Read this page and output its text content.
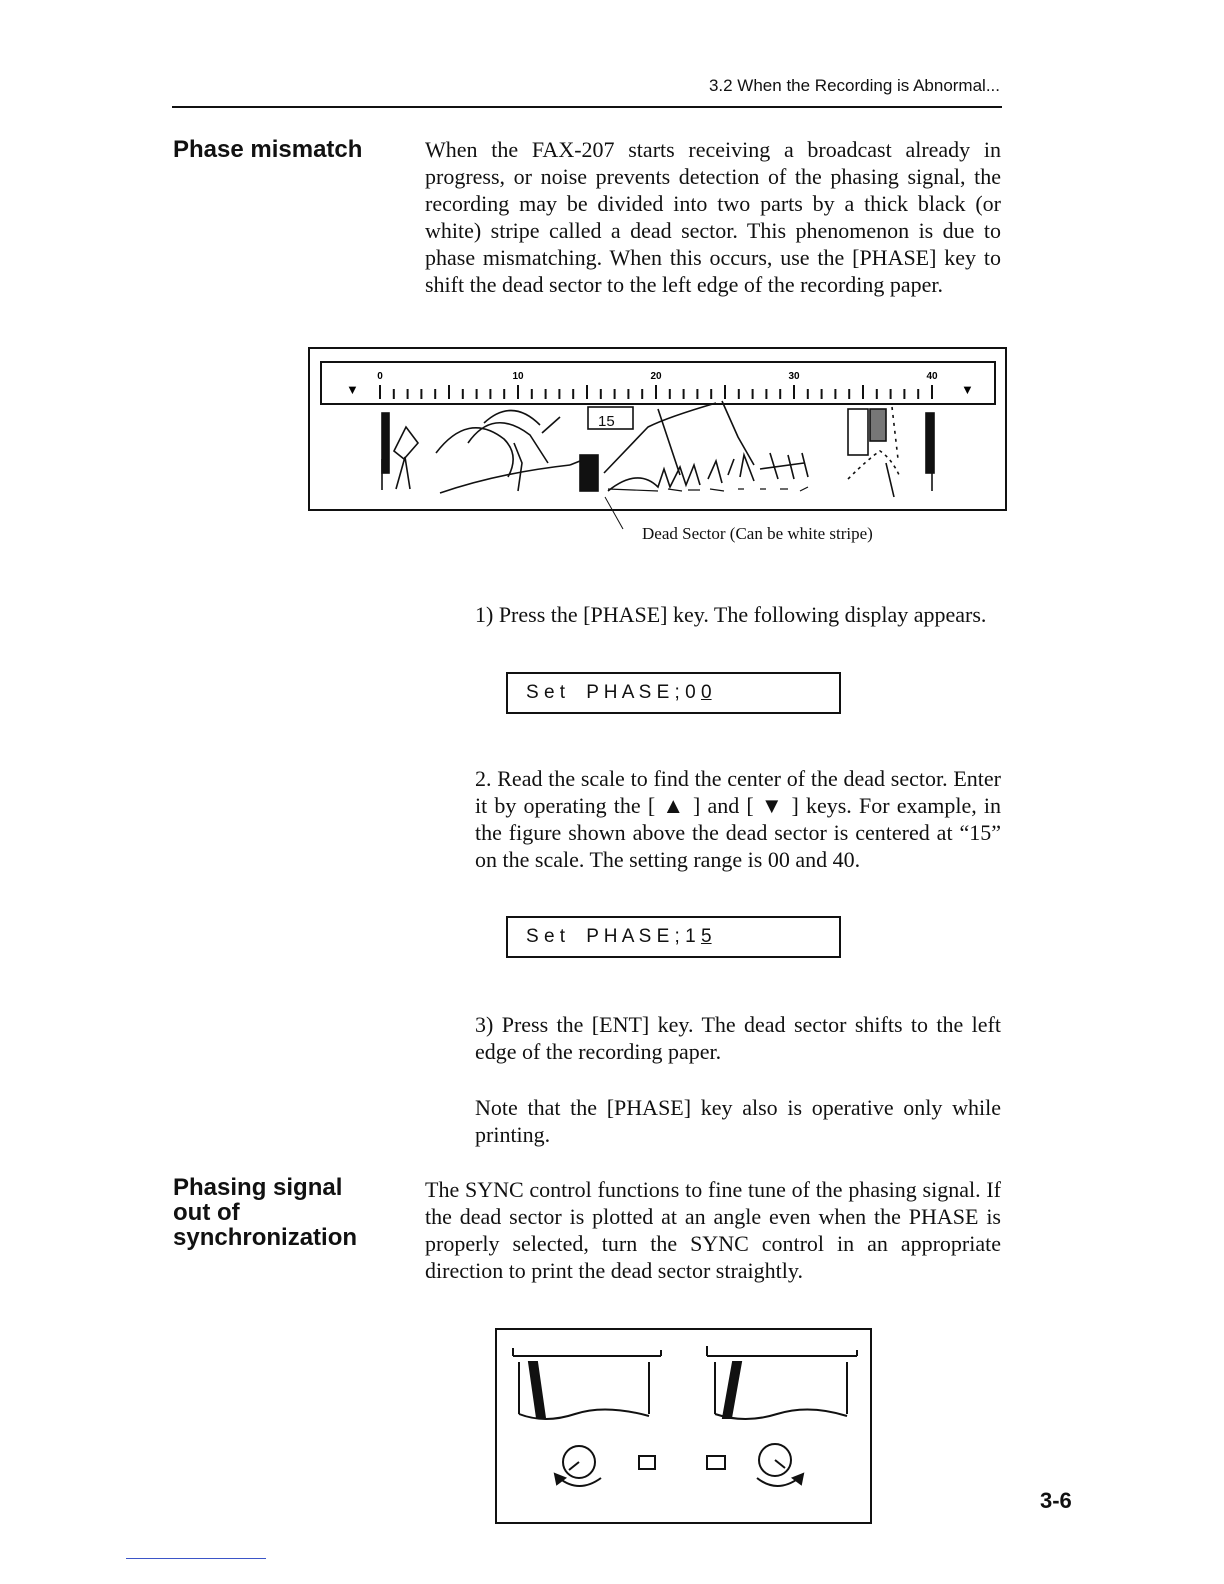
3.2 When the Recording is Abnormal...
Phase mismatch	When the FAX-207 starts receiving a broadcast already in progress, or noise prevents detection of the phasing signal, the recording may be divided into two parts by a thick black (or white) stripe called a dead sector. This phenomenon is due to phase mismatching. When this occurs, use the [PHASE] key to shift the dead sector to the left edge of the recording paper.
▼	▼
0	10	20	30	40
15
Dead Sector (Can be white stripe)
1) Press the [PHASE] key. The following display appears.
S e t    P H A S E ; 0 0
2. Read the scale to find the center of the dead sector. Enter it by operating the [ ▲ ] and [ ▼ ] keys. For example, in the figure shown above the dead sector is centered at “15” on the scale. The setting range is 00 and 40.
S e t    P H A S E ; 1 5
3) Press the [ENT] key. The dead sector shifts to the left edge of the recording paper.
Note that the [PHASE] key also is operative only while printing.
Phasing signal
out of
synchronization
The SYNC control functions to fine tune of the phasing signal. If the dead sector is plotted at an angle even when the PHASE is properly selected, turn the SYNC control in an appropriate direction to print the dead sector straightly.
3-6
